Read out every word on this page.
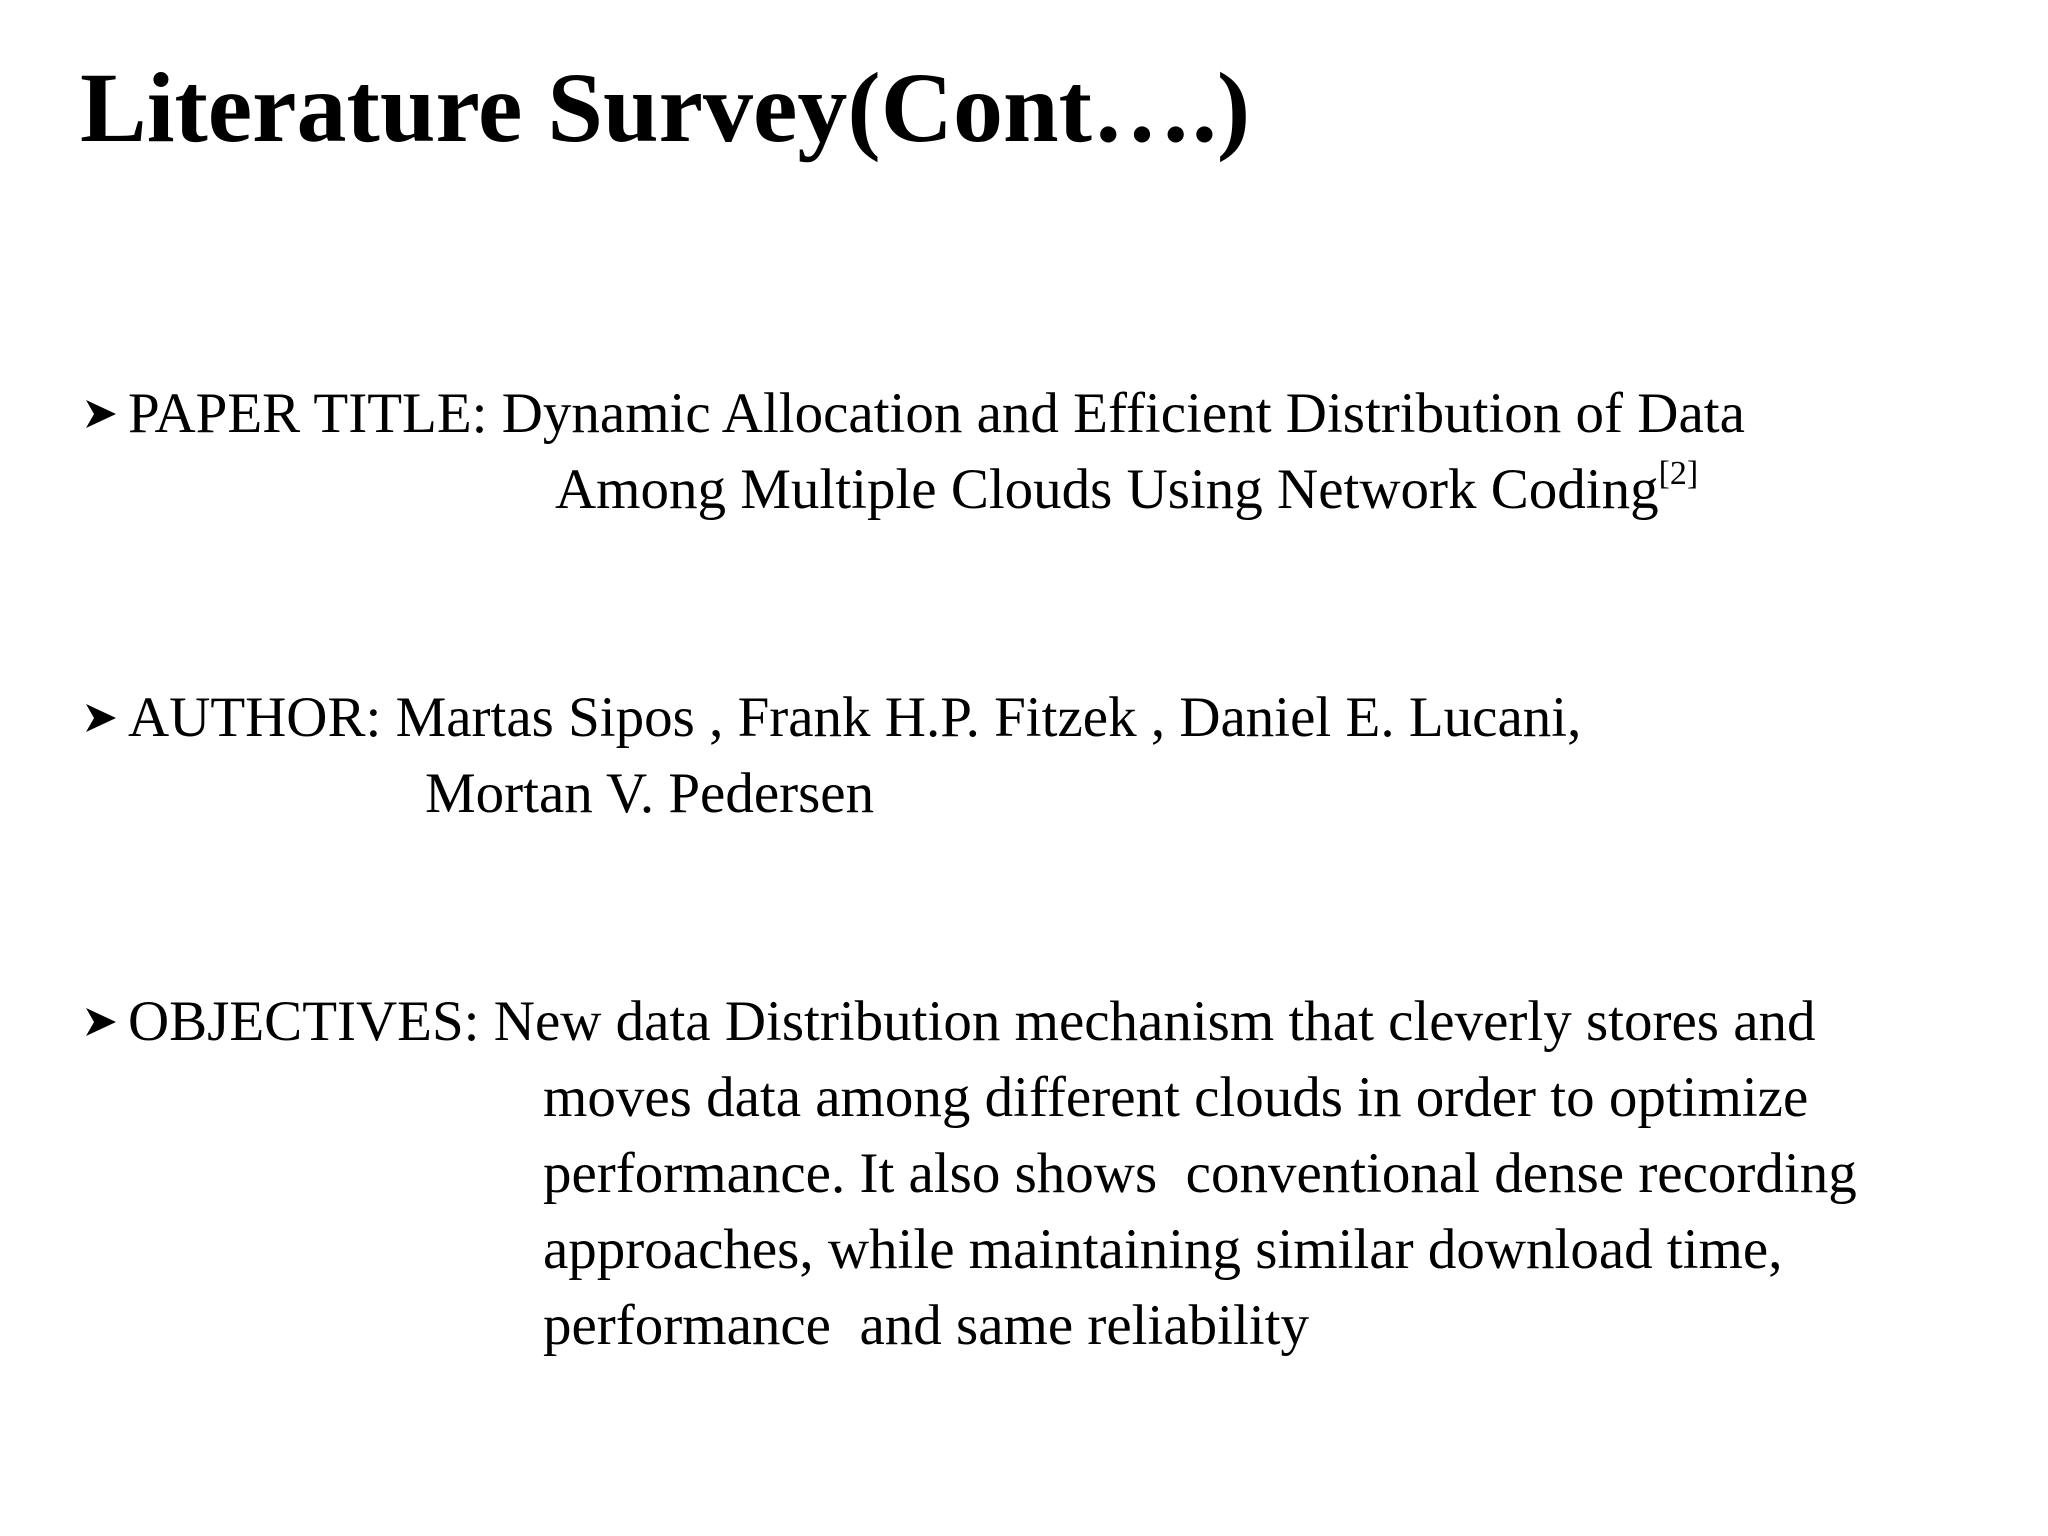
Literature Survey(Cont….)

PAPER TITLE: Dynamic Allocation and Efficient Distribution of Data

Among Multiple Clouds Using Network Coding[2]

AUTHOR: Martas Sipos , Frank H.P. Fitzek , Daniel E. Lucani,

Mortan V. Pedersen

OBJECTIVES: New data Distribution mechanism that cleverly stores and

moves data among different clouds in order to optimize

performance. It also shows  conventional dense recording

approaches, while maintaining similar download time,

performance  and same reliability
